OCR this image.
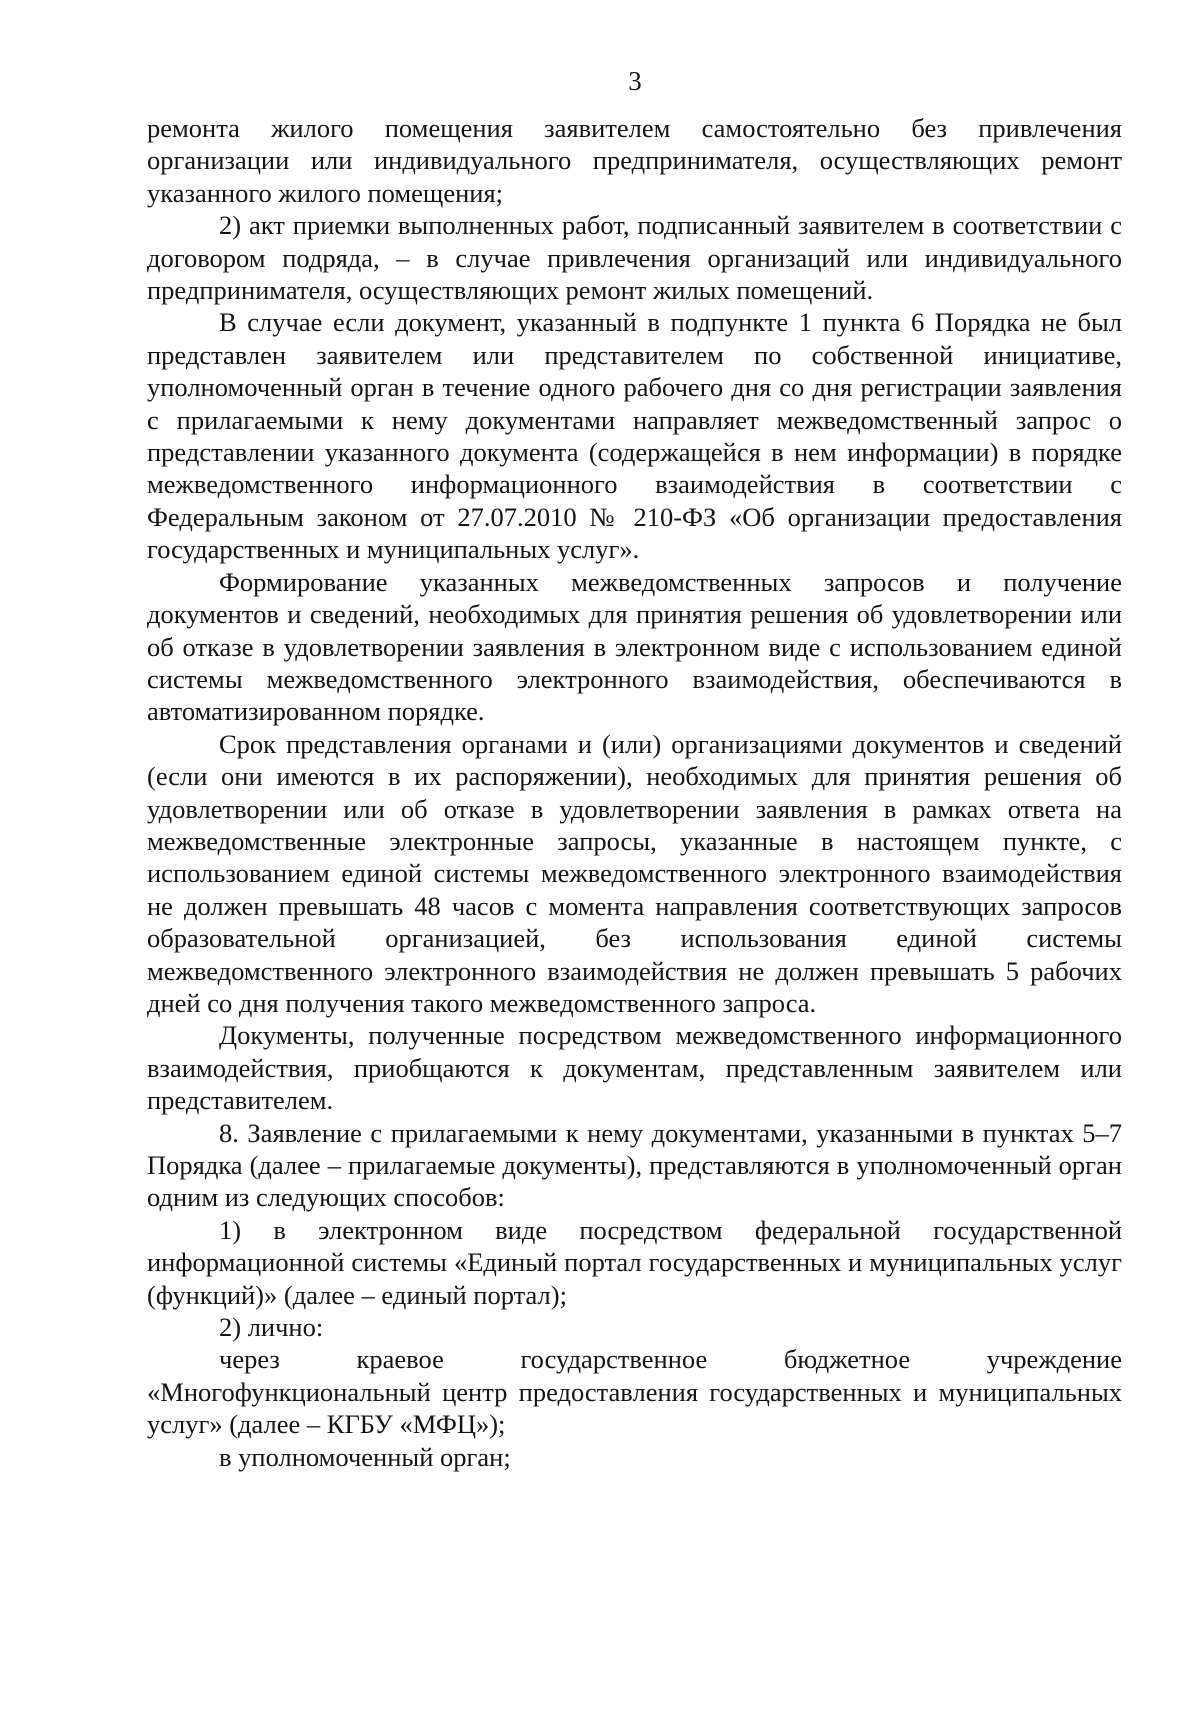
3

ремонта жилого помещения заявителем самостоятельно без привлечения организации или индивидуального предпринимателя, осуществляющих ремонт указанного жилого помещения;

2) акт приемки выполненных работ, подписанный заявителем в соответствии с договором подряда, – в случае привлечения организаций или индивидуального предпринимателя, осуществляющих ремонт жилых помещений.

В случае если документ, указанный в подпункте 1 пункта 6 Порядка не был представлен заявителем или представителем по собственной инициативе, уполномоченный орган в течение одного рабочего дня со дня регистрации заявления с прилагаемыми к нему документами направляет межведомственный запрос о представлении указанного документа (содержащейся в нем информации) в порядке межведомственного информационного взаимодействия в соответствии с Федеральным законом от 27.07.2010 № 210-ФЗ «Об организации предоставления государственных и муниципальных услуг».

Формирование указанных межведомственных запросов и получение документов и сведений, необходимых для принятия решения об удовлетворении или об отказе в удовлетворении заявления в электронном виде с использованием единой системы межведомственного электронного взаимодействия, обеспечиваются в автоматизированном порядке.

Срок представления органами и (или) организациями документов и сведений (если они имеются в их распоряжении), необходимых для принятия решения об удовлетворении или об отказе в удовлетворении заявления в рамках ответа на межведомственные электронные запросы, указанные в настоящем пункте, с использованием единой системы межведомственного электронного взаимодействия не должен превышать 48 часов с момента направления соответствующих запросов образовательной организацией, без использования единой системы межведомственного электронного взаимодействия не должен превышать 5 рабочих дней со дня получения такого межведомственного запроса.

Документы, полученные посредством межведомственного информационного взаимодействия, приобщаются к документам, представленным заявителем или представителем.

8. Заявление с прилагаемыми к нему документами, указанными в пунктах 5–7 Порядка (далее – прилагаемые документы), представляются в уполномоченный орган одним из следующих способов:

1) в электронном виде посредством федеральной государственной информационной системы «Единый портал государственных и муниципальных услуг (функций)» (далее – единый портал);

2) лично:

через краевое государственное бюджетное учреждение «Многофункциональный центр предоставления государственных и муниципальных услуг» (далее – КГБУ «МФЦ»);

в уполномоченный орган;
